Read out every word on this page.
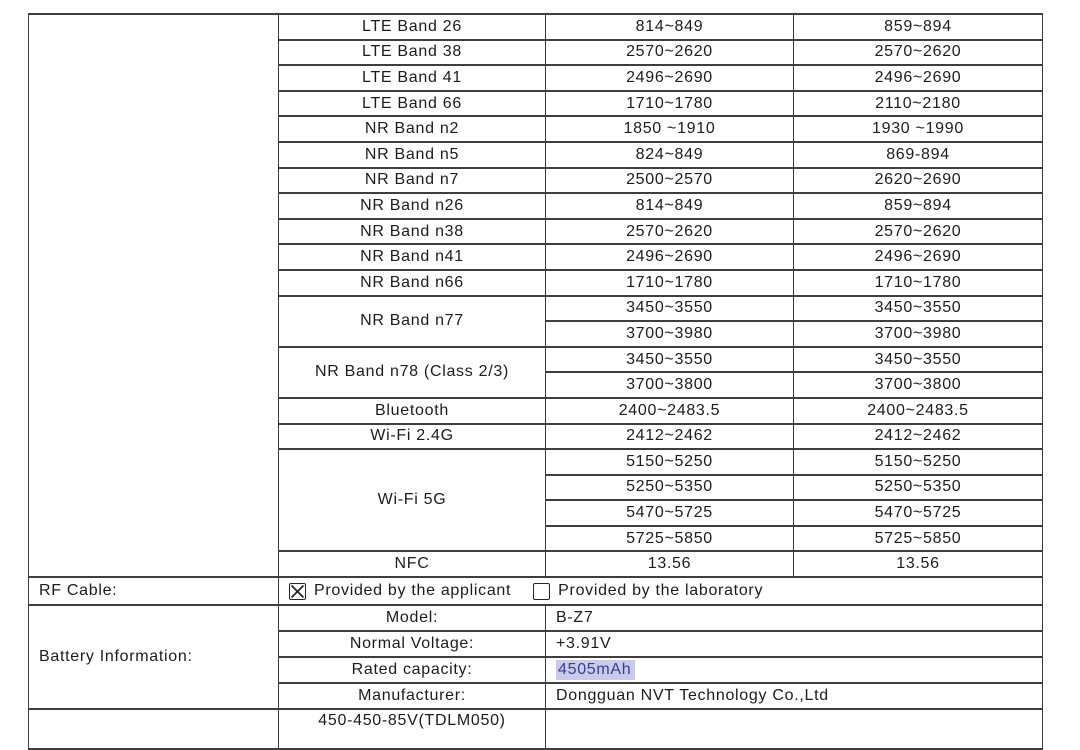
	LTE Band 26	814~849	859~894
	LTE Band 38	2570~2620	2570~2620
	LTE Band 41	2496~2690	2496~2690
	LTE Band 66	1710~1780	2110~2180
	NR Band n2	1850 ~1910	1930 ~1990
	NR Band n5	824~849	869-894
	NR Band n7	2500~2570	2620~2690
	NR Band n26	814~849	859~894
	NR Band n38	2570~2620	2570~2620
	NR Band n41	2496~2690	2496~2690
	NR Band n66	1710~1780	1710~1780
	NR Band n77	3450~3550	3450~3550
		3700~3980	3700~3980
	NR Band n78 (Class 2/3)	3450~3550	3450~3550
		3700~3800	3700~3800
	Bluetooth	2400~2483.5	2400~2483.5
	Wi-Fi 2.4G	2412~2462	2412~2462
	Wi-Fi 5G	5150~5250	5150~5250
		5250~5350	5250~5350
		5470~5725	5470~5725
		5725~5850	5725~5850
	NFC	13.56	13.56
RF Cable:	Provided by the applicant Provided by the laboratory		

Battery Information:	Model:	B-Z7	
	Normal Voltage:	+3.91V	
	Rated capacity:	4505mAh	
	Manufacturer:	Dongguan NVT Technology Co.,Ltd	
	450-450-85V(TDLM050)		
